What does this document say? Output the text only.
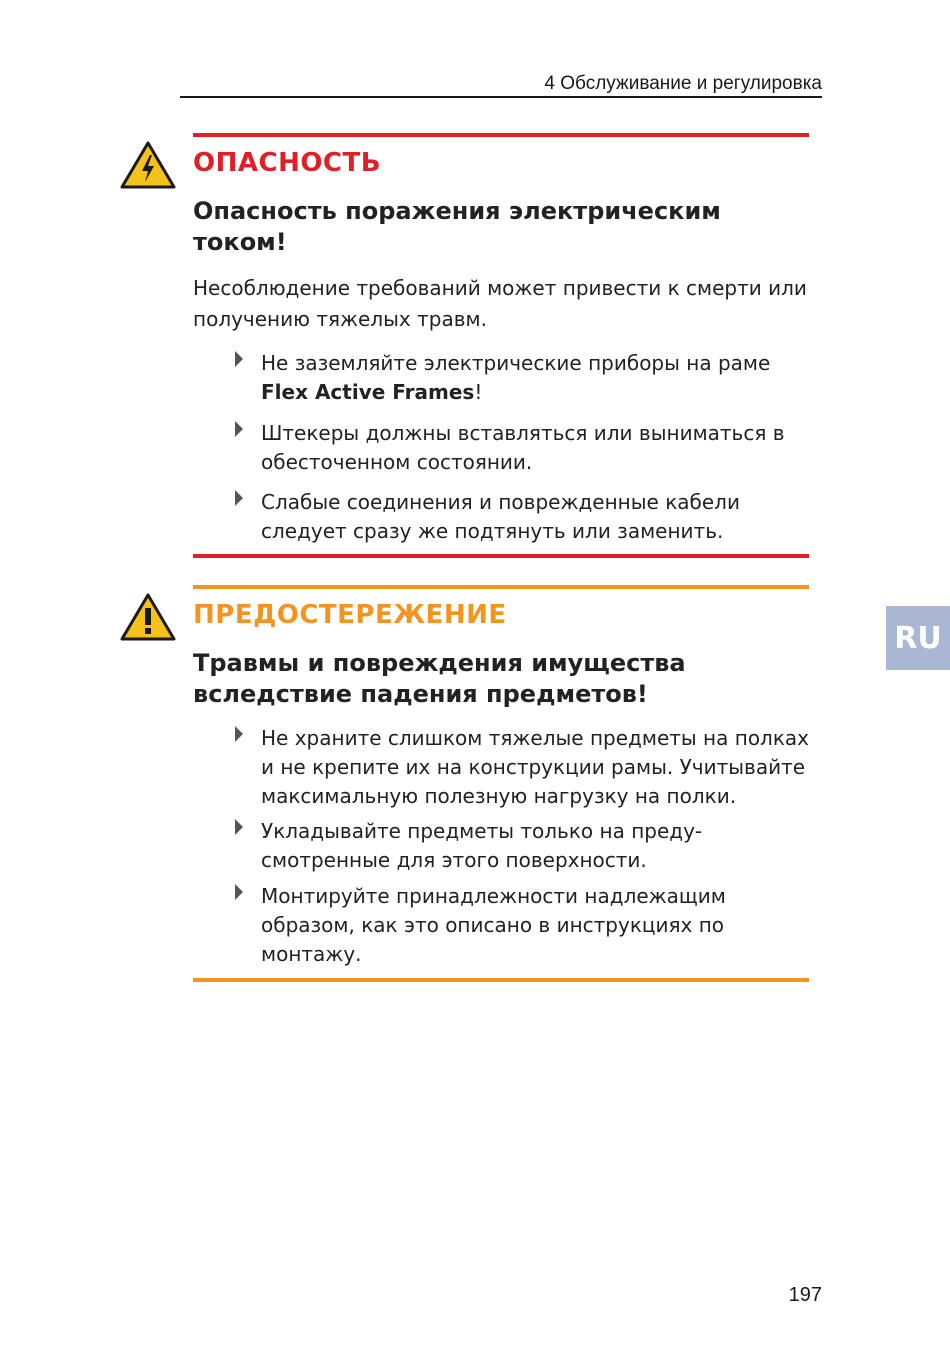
4 Обслуживание и регулировка
ОПАСНОСТЬ
Опасность поражения электрическим
током!
Несоблюдение требований может привести к смерти или
получению тяжелых травм.
Не заземляйте электрические приборы на раме
Flex Active Frames!
Штекеры должны вставляться или выниматься в
обесточенном состоянии.
Слабые соединения и поврежденные кабели
следует сразу же подтянуть или заменить.
ПРЕДОСТЕРЕЖЕНИЕ
Травмы и повреждения имущества
вследствие падения предметов!
Не храните слишком тяжелые предметы на полках
и не крепите их на конструкции рамы. Учитывайте
максимальную полезную нагрузку на полки.
Укладывайте предметы только на преду-
смотренные для этого поверхности.
Монтируйте принадлежности надлежащим
образом, как это описано в инструкциях по
монтажу.
RU
197
